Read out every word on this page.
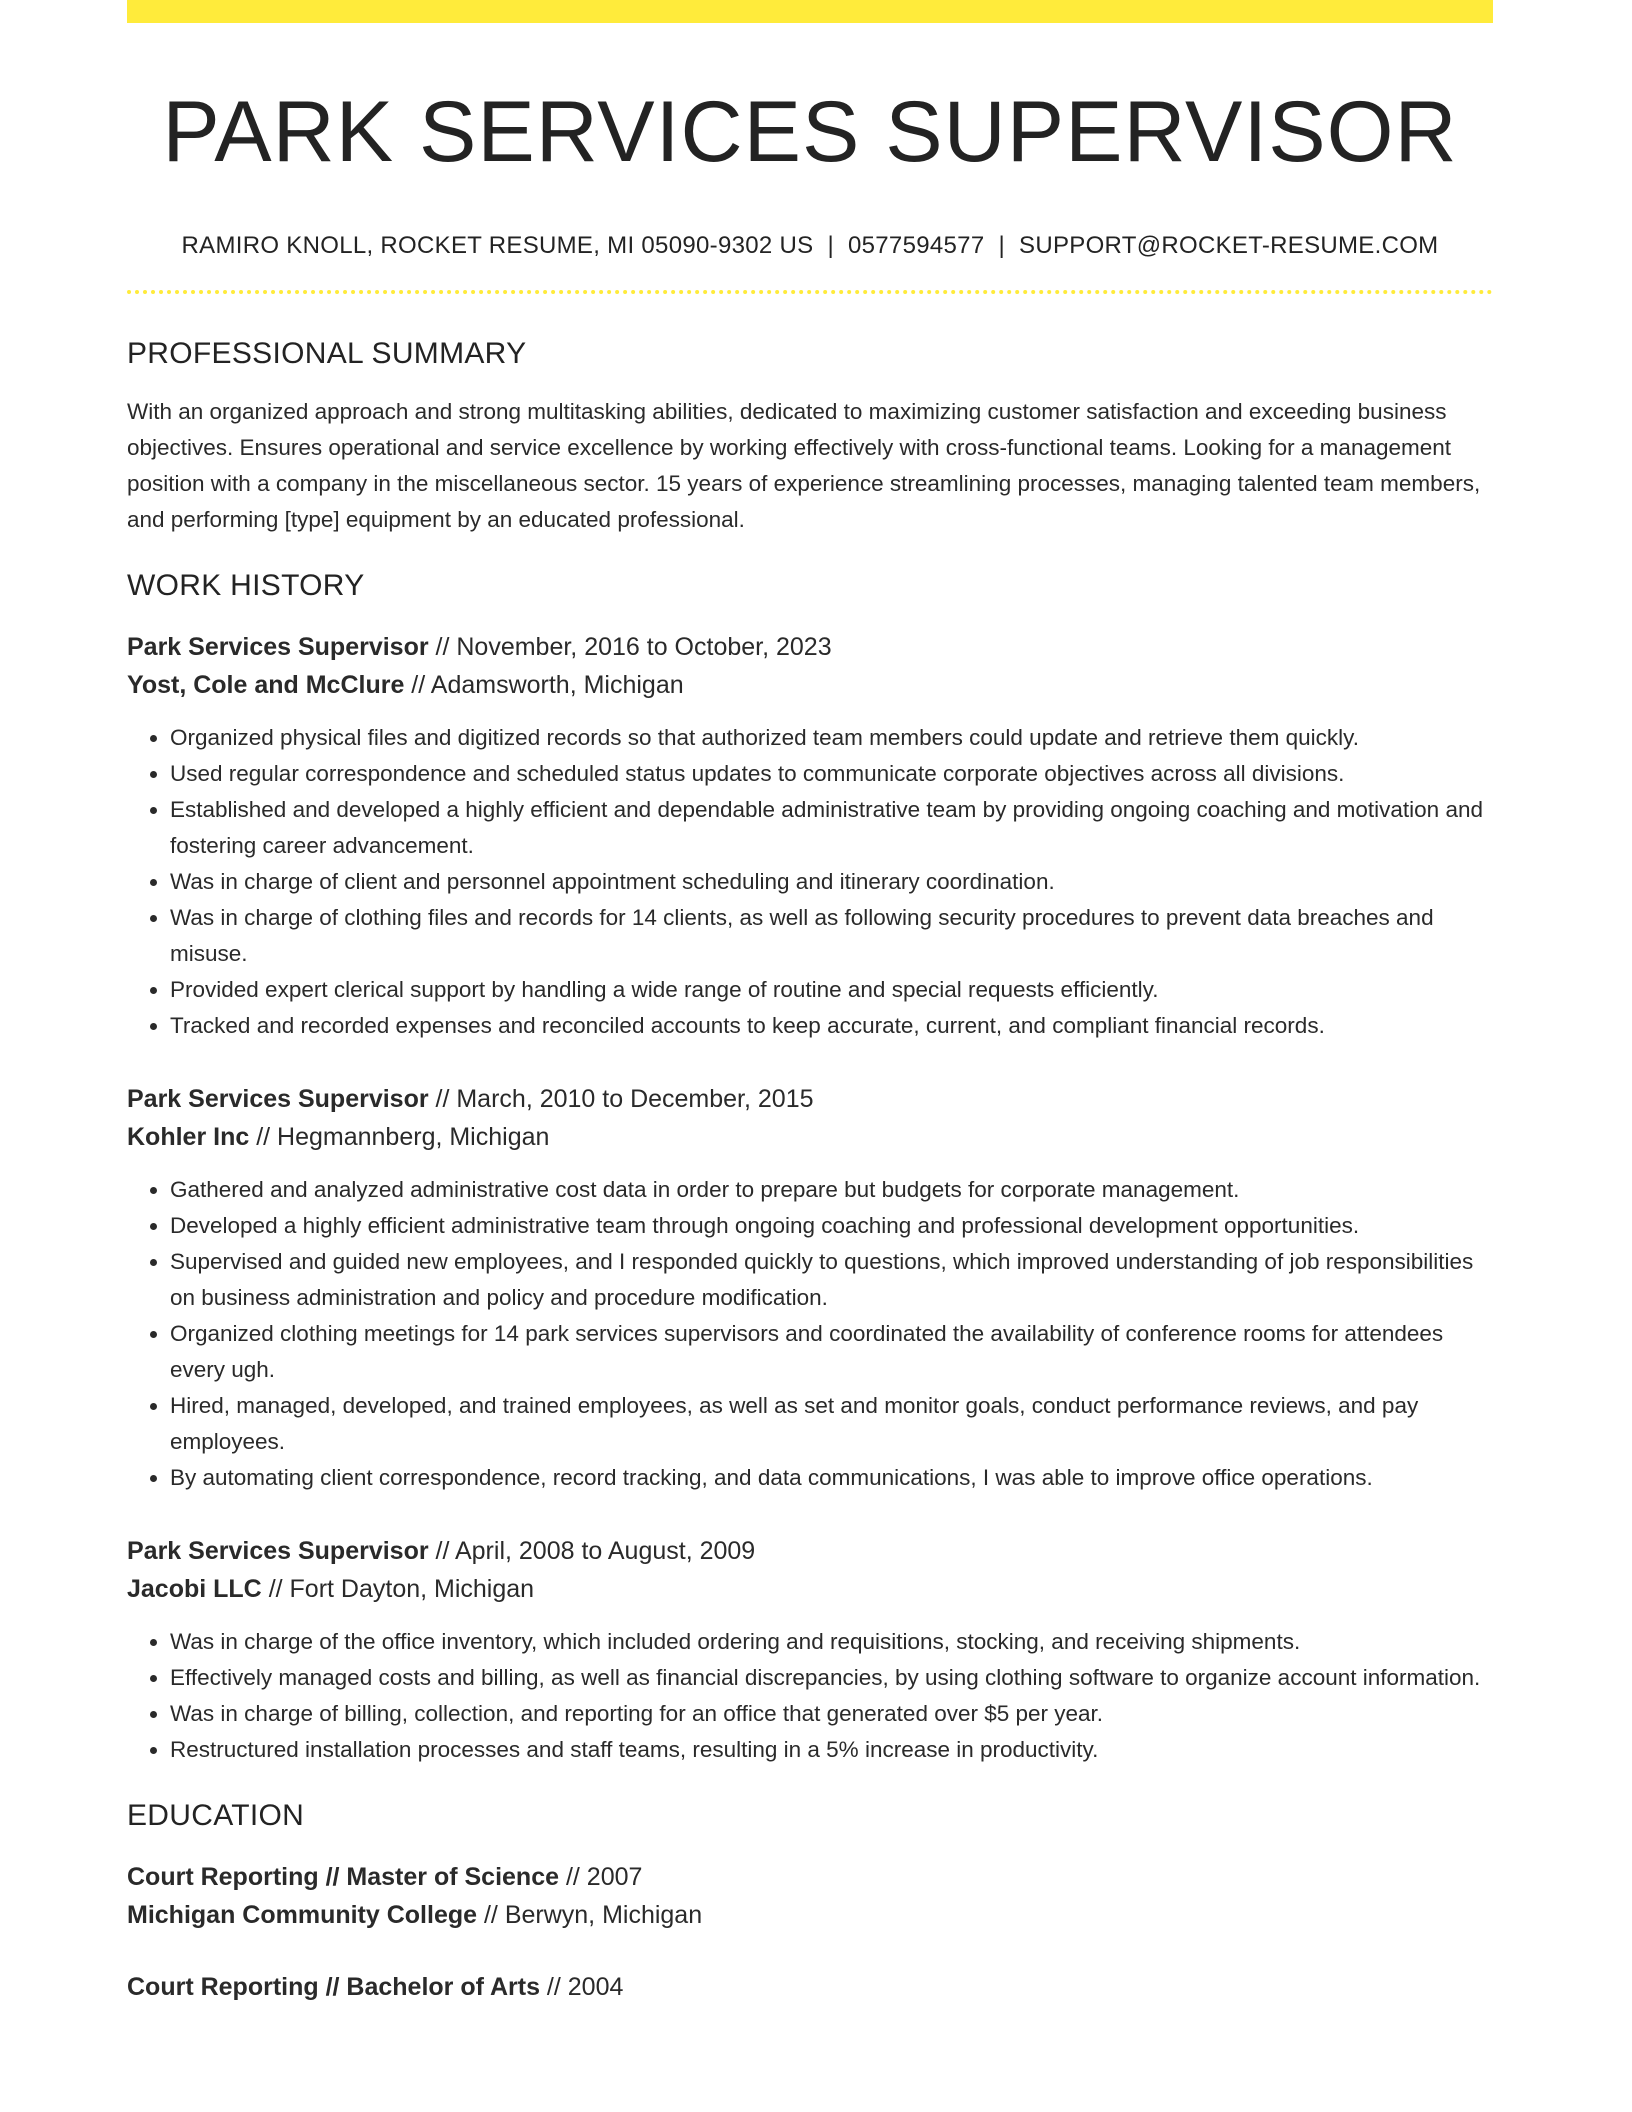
PARK SERVICES SUPERVISOR
RAMIRO KNOLL, ROCKET RESUME, MI 05090-9302 US | 0577594577 | SUPPORT@ROCKET-RESUME.COM
PROFESSIONAL SUMMARY

With an organized approach and strong multitasking abilities, dedicated to maximizing customer satisfaction and exceeding business objectives. Ensures operational and service excellence by working effectively with cross-functional teams. Looking for a management position with a company in the miscellaneous sector. 15 years of experience streamlining processes, managing talented team members, and performing [type] equipment by an educated professional.

WORK HISTORY
Park Services Supervisor // November, 2016 to October, 2023
Yost, Cole and McClure // Adamsworth, Michigan
• Organized physical files and digitized records so that authorized team members could update and retrieve them quickly.
• Used regular correspondence and scheduled status updates to communicate corporate objectives across all divisions.
• Established and developed a highly efficient and dependable administrative team by providing ongoing coaching and motivation and fostering career advancement.
• Was in charge of client and personnel appointment scheduling and itinerary coordination.
• Was in charge of clothing files and records for 14 clients, as well as following security procedures to prevent data breaches and misuse.
• Provided expert clerical support by handling a wide range of routine and special requests efficiently.
• Tracked and recorded expenses and reconciled accounts to keep accurate, current, and compliant financial records.
Park Services Supervisor // March, 2010 to December, 2015
Kohler Inc // Hegmannberg, Michigan
• Gathered and analyzed administrative cost data in order to prepare but budgets for corporate management.
• Developed a highly efficient administrative team through ongoing coaching and professional development opportunities.
• Supervised and guided new employees, and I responded quickly to questions, which improved understanding of job responsibilities on business administration and policy and procedure modification.
• Organized clothing meetings for 14 park services supervisors and coordinated the availability of conference rooms for attendees every ugh.
• Hired, managed, developed, and trained employees, as well as set and monitor goals, conduct performance reviews, and pay employees.
• By automating client correspondence, record tracking, and data communications, I was able to improve office operations.
Park Services Supervisor // April, 2008 to August, 2009
Jacobi LLC // Fort Dayton, Michigan
• Was in charge of the office inventory, which included ordering and requisitions, stocking, and receiving shipments.
• Effectively managed costs and billing, as well as financial discrepancies, by using clothing software to organize account information.
• Was in charge of billing, collection, and reporting for an office that generated over $5 per year.
• Restructured installation processes and staff teams, resulting in a 5% increase in productivity.
EDUCATION
Court Reporting // Master of Science // 2007
Michigan Community College // Berwyn, Michigan
Court Reporting // Bachelor of Arts // 2004
